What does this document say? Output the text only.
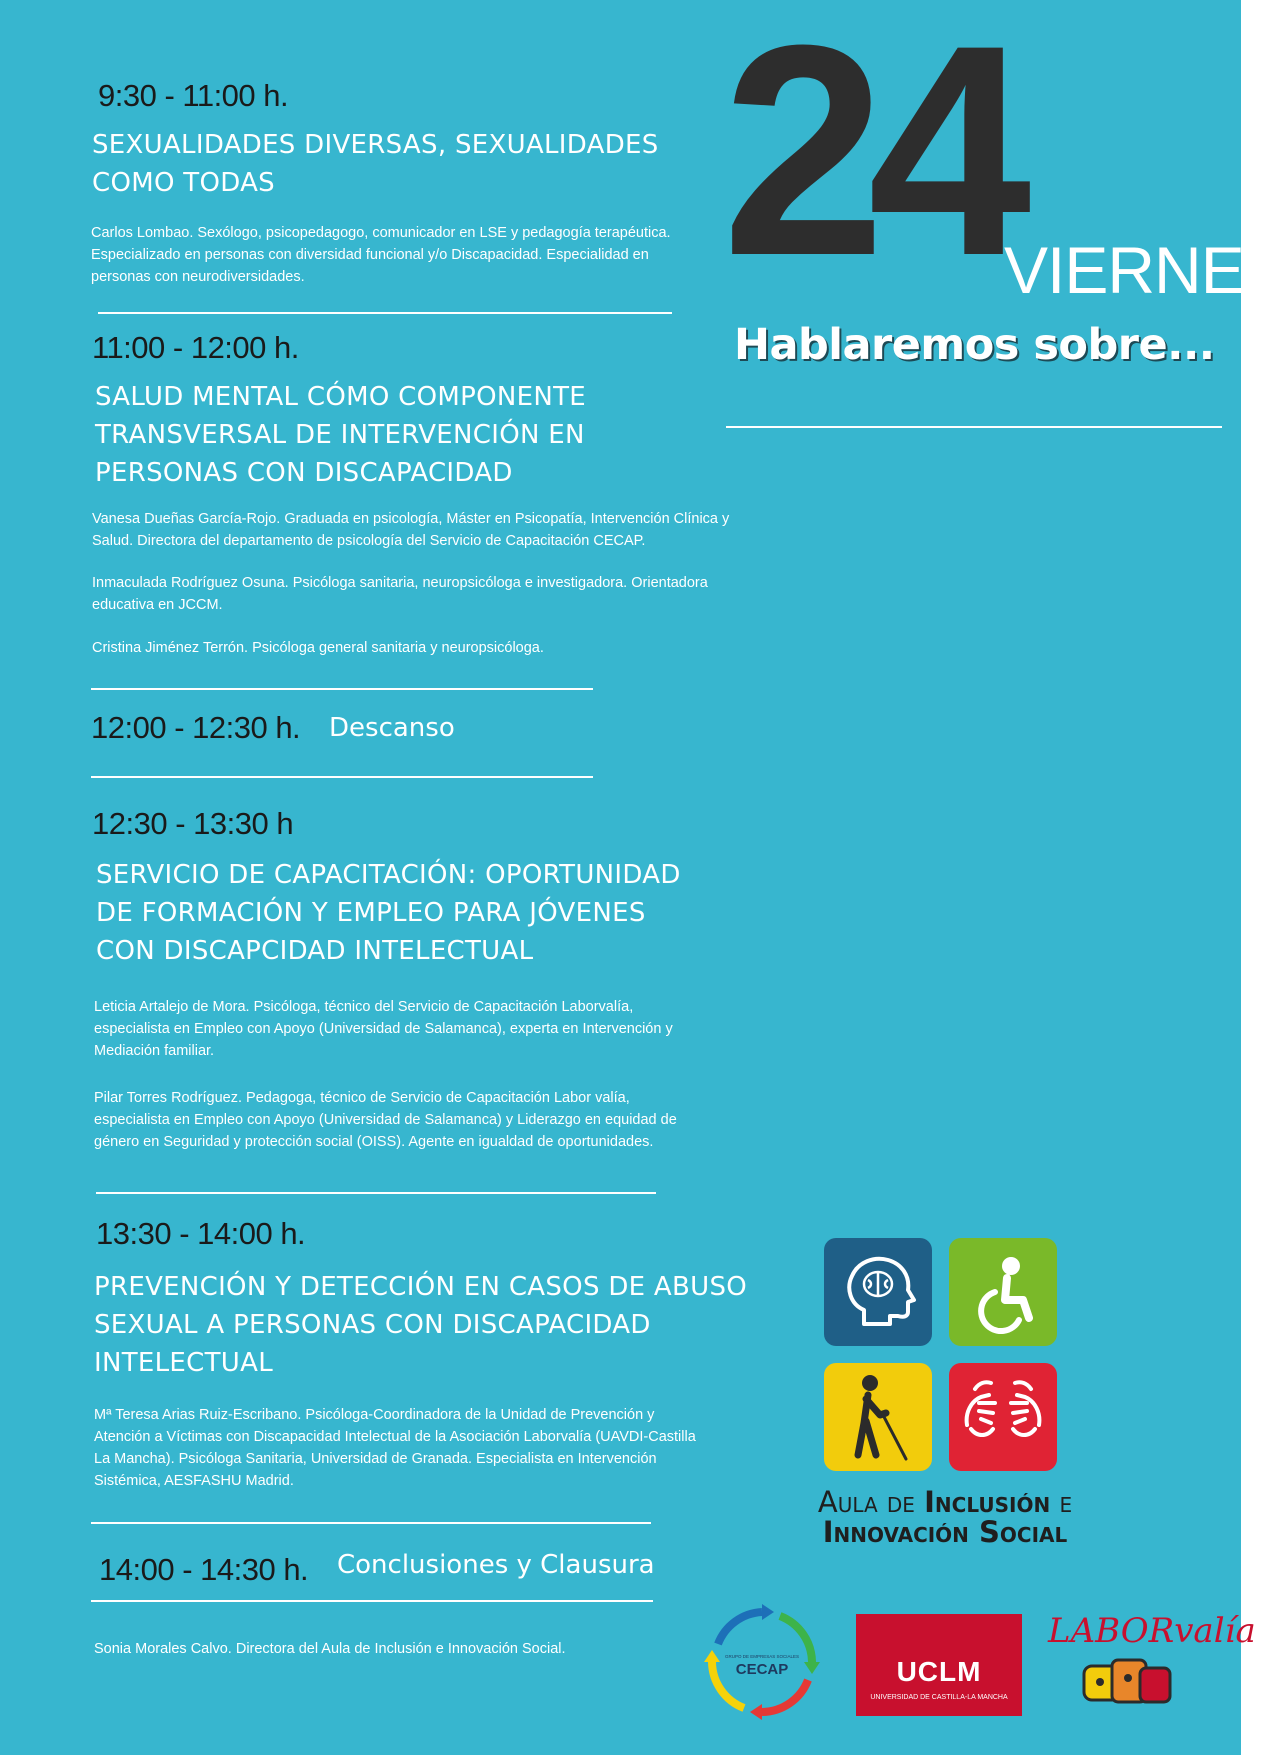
24
VIERNES
Hablaremos sobre...
9:30 - 11:00 h.
SEXUALIDADES DIVERSAS, SEXUALIDADES
COMO TODAS
Carlos Lombao. Sexólogo, psicopedagogo, comunicador en LSE y pedagogía terapéutica.
Especializado en personas con diversidad funcional y/o Discapacidad. Especialidad en
personas con neurodiversidades.
11:00 - 12:00 h.
SALUD MENTAL CÓMO COMPONENTE
TRANSVERSAL DE INTERVENCIÓN EN
PERSONAS CON DISCAPACIDAD
Vanesa Dueñas García-Rojo. Graduada en psicología, Máster en Psicopatía, Intervención Clínica y
Salud. Directora del departamento de psicología del Servicio de Capacitación CECAP.
Inmaculada Rodríguez Osuna. Psicóloga sanitaria, neuropsicóloga e investigadora. Orientadora
educativa en JCCM.
Cristina Jiménez Terrón. Psicóloga general sanitaria y neuropsicóloga.
12:00 - 12:30 h. Descanso
12:30 - 13:30 h
SERVICIO DE CAPACITACIÓN: OPORTUNIDAD
DE FORMACIÓN Y EMPLEO PARA JÓVENES
CON DISCAPCIDAD INTELECTUAL
Leticia Artalejo de Mora. Psicóloga, técnico del Servicio de Capacitación Laborvalía,
especialista en Empleo con Apoyo (Universidad de Salamanca), experta en Intervención y
Mediación familiar.
Pilar Torres Rodríguez. Pedagoga, técnico de Servicio de Capacitación Labor valía,
especialista en Empleo con Apoyo (Universidad de Salamanca) y Liderazgo en equidad de
género en Seguridad y protección social (OISS). Agente en igualdad de oportunidades.
13:30 - 14:00 h.
PREVENCIÓN Y DETECCIÓN EN CASOS DE ABUSO
SEXUAL A PERSONAS CON DISCAPACIDAD
INTELECTUAL
Mª Teresa Arias Ruiz-Escribano. Psicóloga-Coordinadora de la Unidad de Prevención y
Atención a Víctimas con Discapacidad Intelectual de la Asociación Laborvalía (UAVDI-Castilla
La Mancha). Psicóloga Sanitaria, Universidad de Granada. Especialista en Intervención
Sistémica, AESFASHU Madrid.
14:00 - 14:30 h. Conclusiones y Clausura
Sonia Morales Calvo. Directora del Aula de Inclusión e Innovación Social.
Aula de Inclusión e
Innovación Social
GRUPO DE EMPRESAS SOCIALES
CECAP	UCLM
UNIVERSIDAD DE CASTILLA-LA MANCHA
LABORvalía
